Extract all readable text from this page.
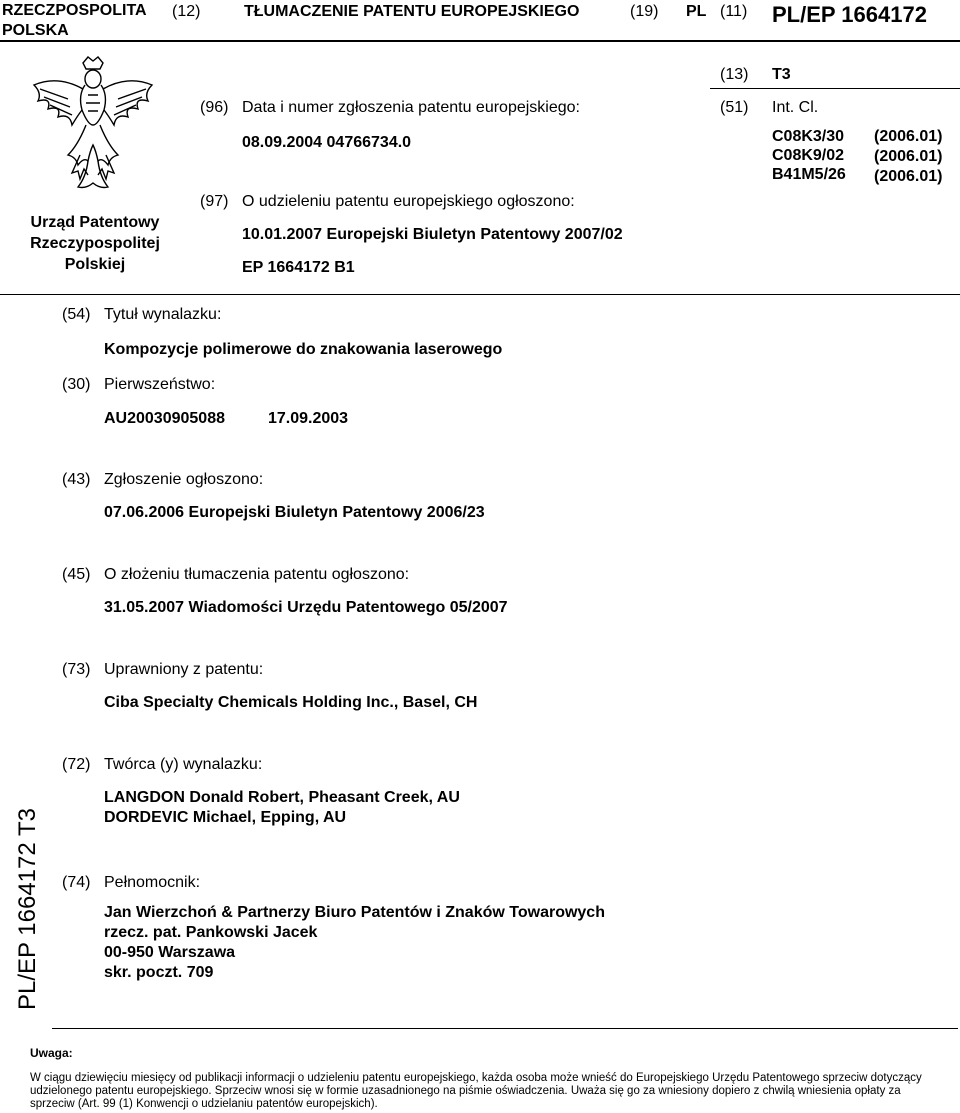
RZECZPOSPOLITA
POLSKA
(12)	TŁUMACZENIE PATENTU EUROPEJSKIEGO	(19) PL (11) PL/EP 1664172
Urząd Patentowy
Rzeczypospolitej
Polskiej
(96) Data i numer zgłoszenia patentu europejskiego:
08.09.2004 04766734.0
(97) O udzieleniu patentu europejskiego ogłoszono:
10.01.2007 Europejski Biuletyn Patentowy 2007/02
EP 1664172 B1
(13) T3
(51) Int. Cl.
C08K3/30 (2006.01)
C08K9/02 (2006.01)
B41M5/26 (2006.01)
(54) Tytuł wynalazku:
Kompozycje polimerowe do znakowania laserowego
(30) Pierwszeństwo:
AU20030905088	17.09.2003
(43) Zgłoszenie ogłoszono:
07.06.2006 Europejski Biuletyn Patentowy 2006/23
(45) O złożeniu tłumaczenia patentu ogłoszono:
31.05.2007 Wiadomości Urzędu Patentowego 05/2007
(73) Uprawniony z patentu:
Ciba Specialty Chemicals Holding Inc., Basel, CH
(72) Twórca (y) wynalazku:
LANGDON Donald Robert, Pheasant Creek, AU
DORDEVIC Michael, Epping, AU
(74) Pełnomocnik:
Jan Wierzchoń & Partnerzy Biuro Patentów i Znaków Towarowych
rzecz. pat. Pankowski Jacek
00-950 Warszawa
skr. poczt. 709
PL/EP 1664172 T3
Uwaga:
W ciągu dziewięciu miesięcy od publikacji informacji o udzieleniu patentu europejskiego, każda osoba może wnieść do Europejskiego Urzędu Patentowego sprzeciw dotyczący udzielonego patentu europejskiego. Sprzeciw wnosi się w formie uzasadnionego na piśmie oświadczenia. Uważa się go za wniesiony dopiero z chwilą wniesienia opłaty za sprzeciw (Art. 99 (1) Konwencji o udzielaniu patentów europejskich).
